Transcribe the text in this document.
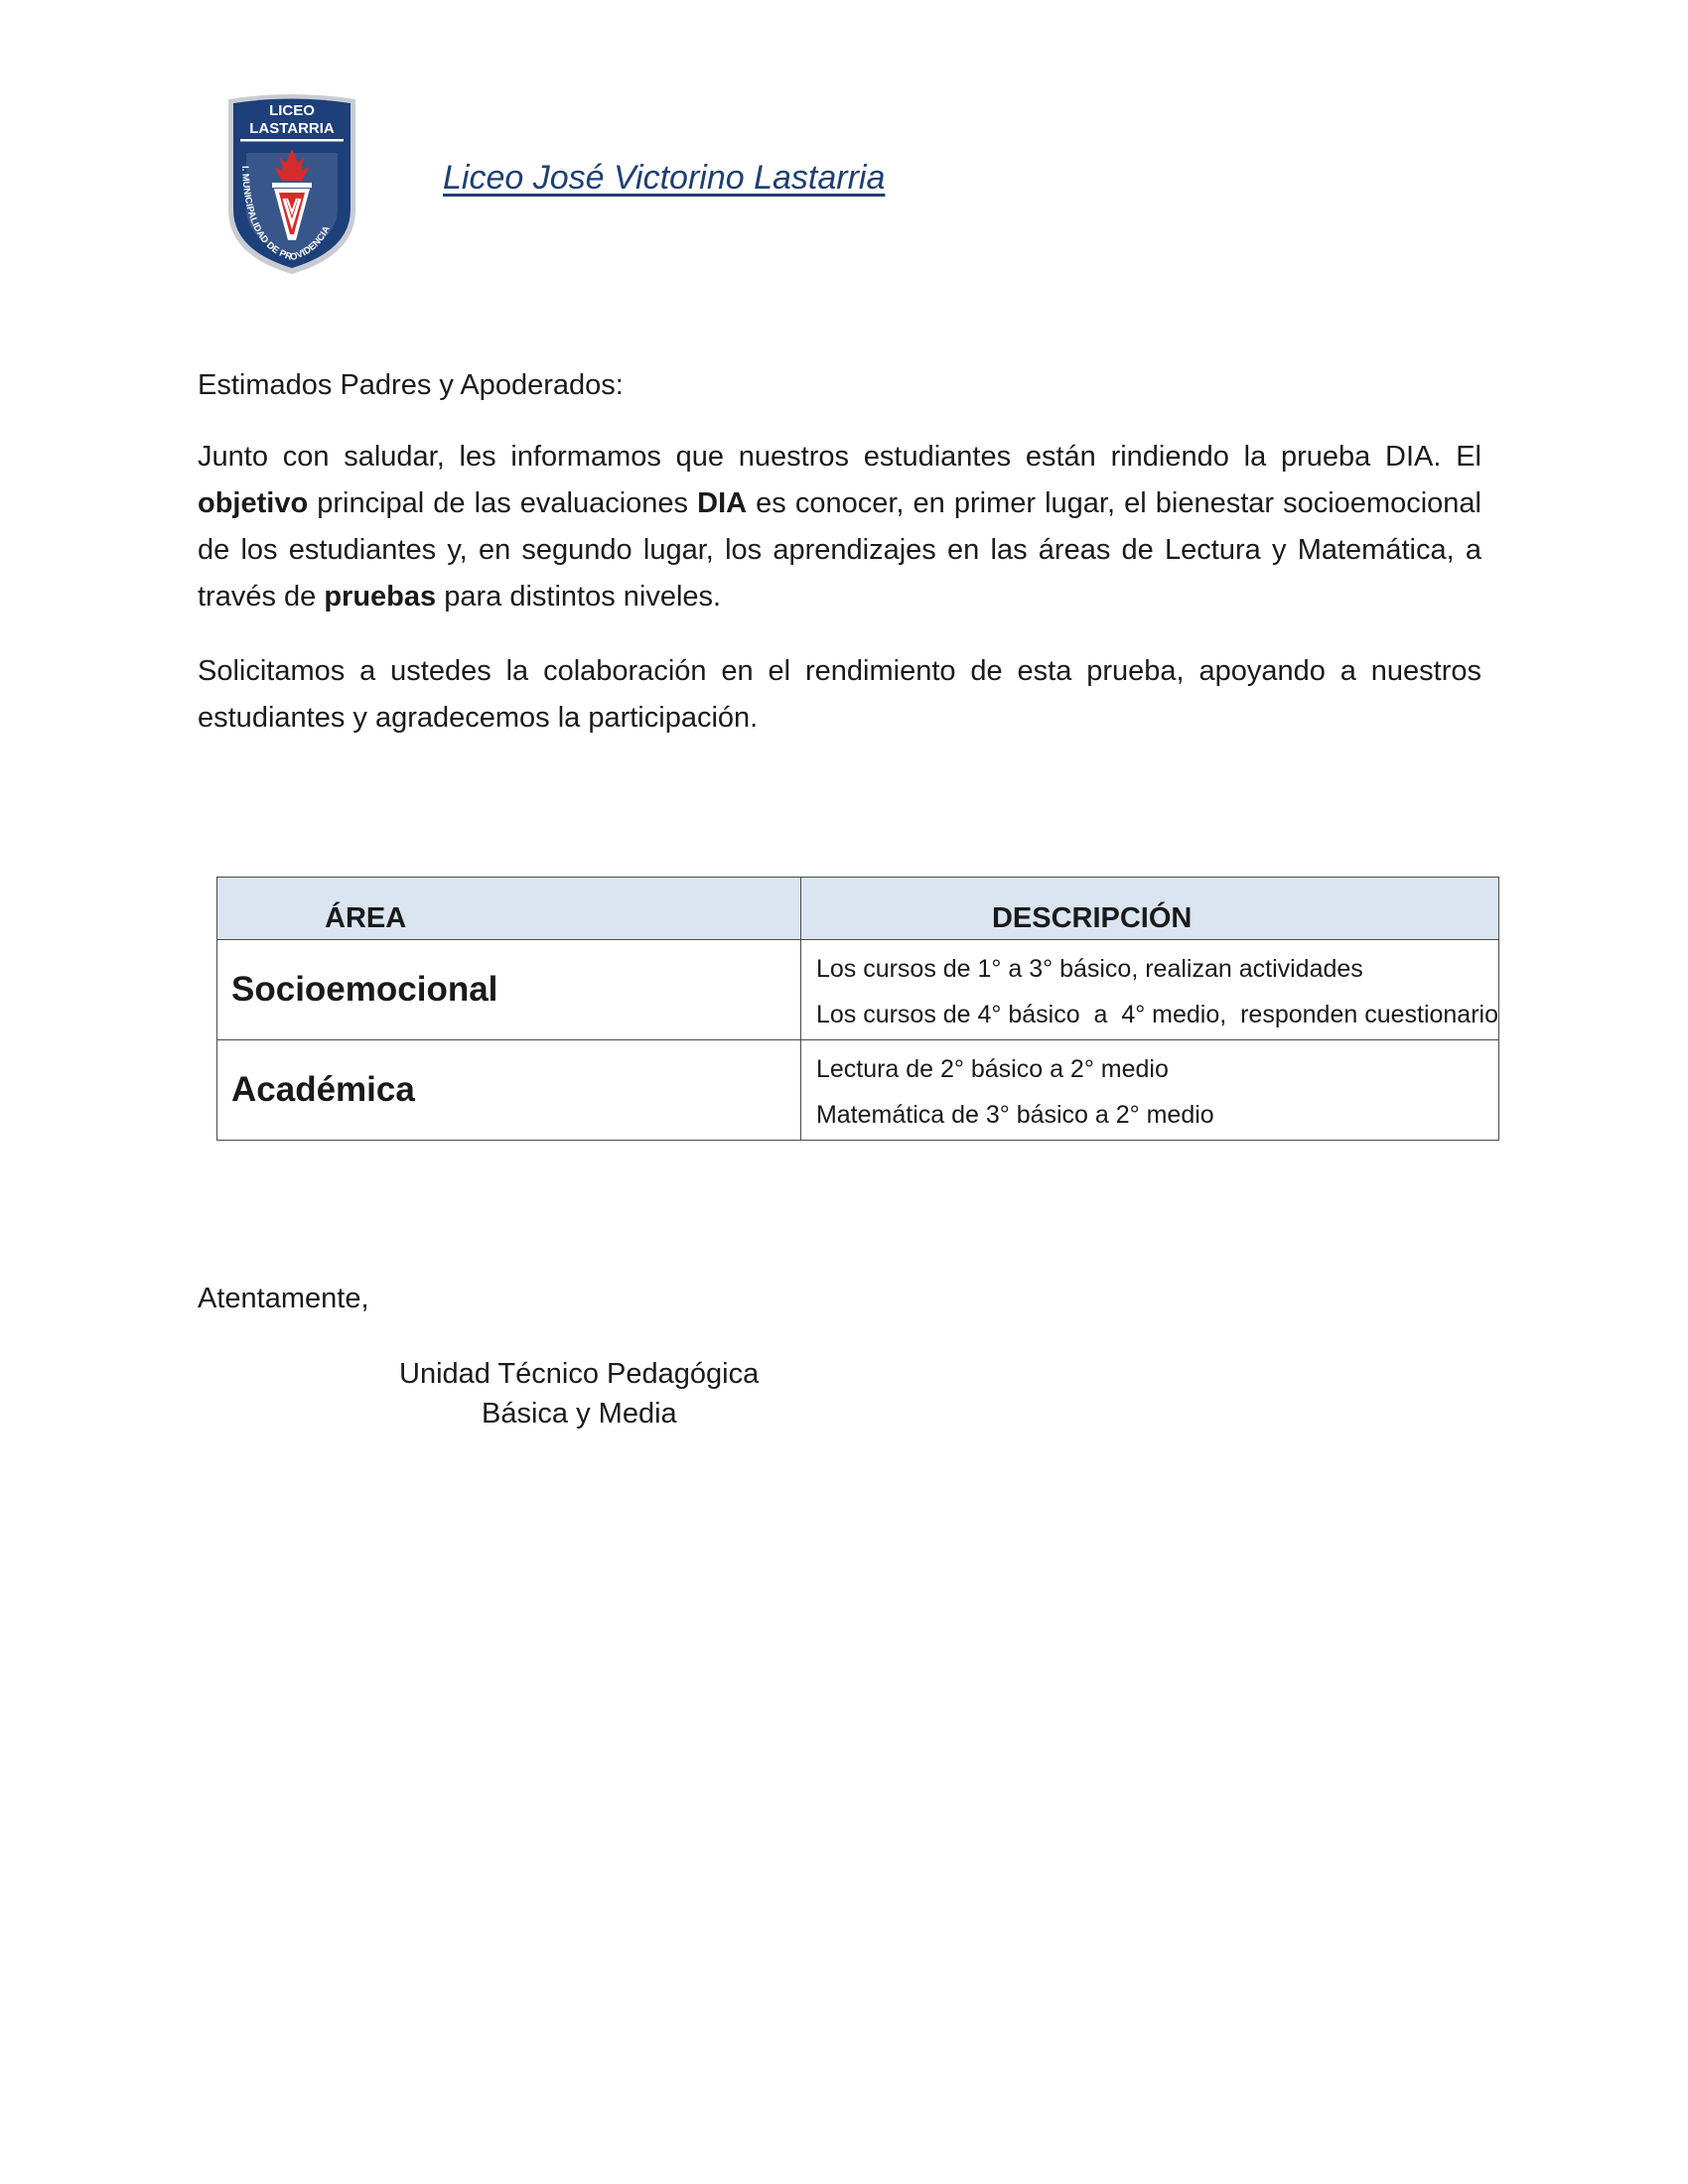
LICEO
LASTARRIA
I. MUNICIPALIDAD DE PROVIDENCIA
Liceo José Victorino Lastarria
Estimados Padres y Apoderados:
Junto con saludar, les informamos que nuestros estudiantes están rindiendo la prueba DIA. El objetivo principal de las evaluaciones DIA es conocer, en primer lugar, el bienestar socioemocional de los estudiantes y, en segundo lugar, los aprendizajes en las áreas de Lectura y Matemática, a través de pruebas para distintos niveles.
Solicitamos a ustedes la colaboración en el rendimiento de esta prueba, apoyando a nuestros estudiantes y agradecemos la participación.
ÁREA	DESCRIPCIÓN
Socioemocional	Los cursos de 1° a 3° básico, realizan actividades
Los cursos de 4° básico  a  4° medio,  responden cuestionario

Académica	Lectura de 2° básico a 2° medio
Matemática de 3° básico a 2° medio
Atentamente,
Unidad Técnico Pedagógica
Básica y Media
